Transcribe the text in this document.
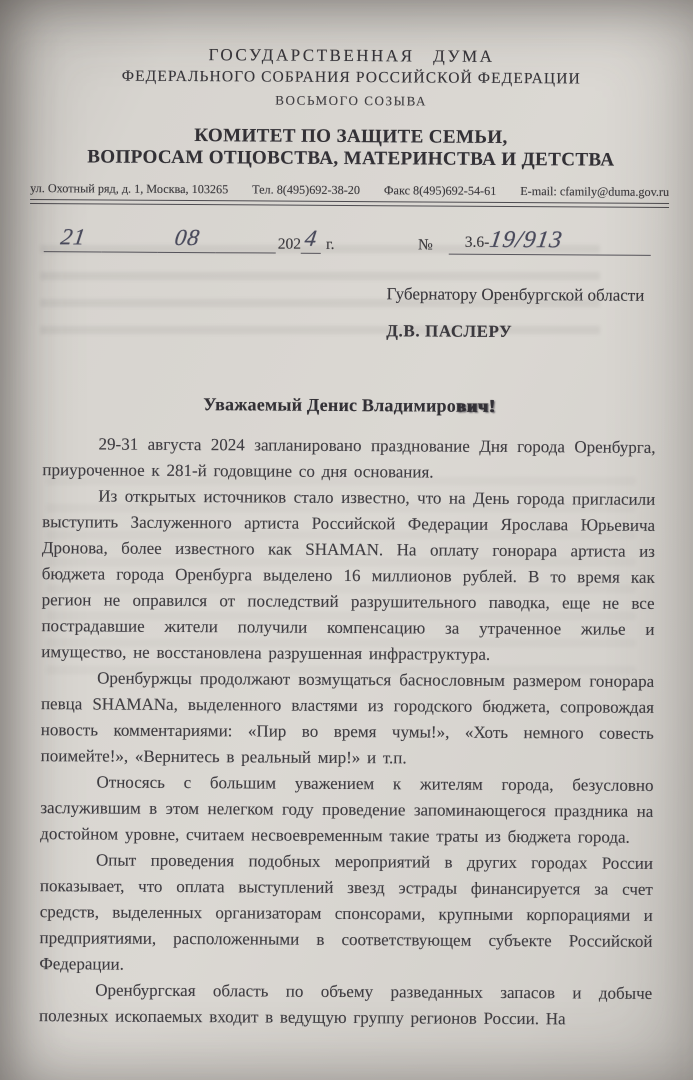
ГОСУДАРСТВЕННАЯ ДУМА
ФЕДЕРАЛЬНОГО СОБРАНИЯ РОССИЙСКОЙ ФЕДЕРАЦИИ
ВОСЬМОГО СОЗЫВА
КОМИТЕТ ПО ЗАЩИТЕ СЕМЬИ,
ВОПРОСАМ ОТЦОВСТВА, МАТЕРИНСТВА И ДЕТСТВА
ул. Охотный ряд, д. 1, Москва, 103265 Тел. 8(495)692-38-20 Факс 8(495)692-54-61 E-mail: cfamily@duma.gov.ru
21	08	202 4 г.	№	3.6-19/913
Губернатору Оренбургской области
Д.В. ПАСЛЕРУ
Уважаемый Денис Владимирович!

29-31 августа 2024 запланировано празднование Дня города Оренбурга, приуроченное к 281-й годовщине со дня основания.

Из открытых источников стало известно, что на День города пригласили выступить Заслуженного артиста Российской Федерации Ярослава Юрьевича Дронова, более известного как SHAMAN. На оплату гонорара артиста из бюджета города Оренбурга выделено 16 миллионов рублей. В то время как регион не оправился от последствий разрушительного паводка, еще не все пострадавшие жители получили компенсацию за утраченное жилье и имущество, не восстановлена разрушенная инфраструктура.

Оренбуржцы продолжают возмущаться баснословным размером гонорара певца SHAMANа, выделенного властями из городского бюджета, сопровождая новость комментариями: «Пир во время чумы!», «Хоть немного совесть поимейте!», «Вернитесь в реальный мир!» и т.п.

Относясь с большим уважением к жителям города, безусловно заслужившим в этом нелегком году проведение запоминающегося праздника на достойном уровне, считаем несвоевременным такие траты из бюджета города.

Опыт проведения подобных мероприятий в других городах России показывает, что оплата выступлений звезд эстрады финансируется за счет средств, выделенных организаторам спонсорами, крупными корпорациями и предприятиями, расположенными в соответствующем субъекте Российской Федерации.

Оренбургская область по объему разведанных запасов и добыче полезных ископаемых входит в ведущую группу регионов России. На
